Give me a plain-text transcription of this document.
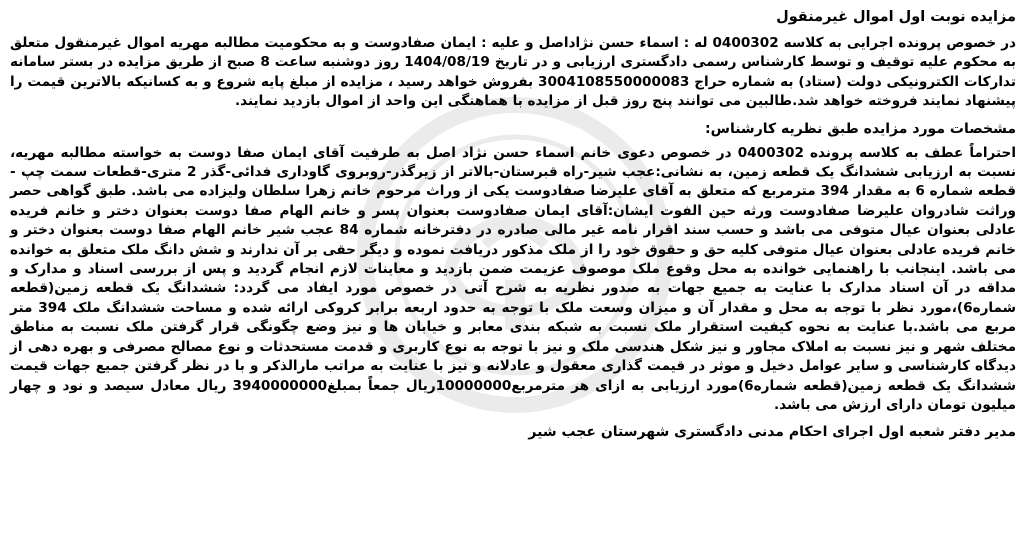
مزایده نوبت اول اموال غیرمنقول

در خصوص پرونده اجرایی به کلاسه 0400302 له : اسماء حسن نژاداصل و علیه : ایمان صفادوست و به محکومیت مطالبه مهریه اموال غیرمنقول متعلق به محکوم علیه توقیف و توسط کارشناس رسمی دادگستری ارزیابی و در تاریخ 1404/08/19 روز دوشنبه ساعت 8 صبح از طریق مزایده در بستر سامانه تدارکات الکترونیکی دولت (ستاد) به شماره حراج 3004108550000083 بفروش خواهد رسید ، مزایده از مبلغ پایه شروع و به کسانیکه بالاترین قیمت را پیشنهاد نمایند فروخته خواهد شد.طالبین می توانند پنج روز قبل از مزایده با هماهنگی این واحد از اموال بازدید نمایند.

مشخصات مورد مزایده طبق نظریه کارشناس:

احتراماً عطف به کلاسه پرونده 0400302 در خصوص دعوی خانم اسماء حسن نژاد اصل به طرفیت آقای ایمان صفا دوست به خواسته مطالبه مهریه، نسبت به ارزیابی ششدانگ یک قطعه زمین، به نشانی:عجب شیر-راه قبرستان-بالاتر از زیرگذر-روبروی گاوداری فدائی-گذر 2 متری-قطعات سمت چپ - قطعه شماره 6 به مقدار 394 مترمربع که متعلق به آقای علیرضا صفادوست یکی از وراث مرحوم خانم زهرا سلطان ولیزاده می باشد. طبق گواهی حصر وراثت شادروان علیرضا صفادوست ورثه حین الفوت ایشان:آقای ایمان صفادوست بعنوان پسر و خانم الهام صفا دوست بعنوان دختر و خانم فریده عادلی بعنوان عیال متوفی می باشد و حسب سند اقرار نامه غیر مالی صادره در دفترخانه شماره 84 عجب شیر خانم الهام صفا دوست بعنوان دختر و خانم فریده عادلی بعنوان عیال متوفی کلیه حق و حقوق خود را از ملک مذکور دریافت نموده و دیگر حقی بر آن ندارند و شش دانگ ملک متعلق به خوانده می باشد. اینجانب با راهنمایی خوانده به محل وقوع ملک موصوف عزیمت ضمن بازدید و معاینات لازم انجام گردید و پس از بررسی اسناد و مدارک و مداقه در آن اسناد مدارک با عنایت به جمیع جهات به صدور نظریه به شرح آتی در خصوص مورد ایفاد می گردد: ششدانگ یک قطعه زمین(قطعه شماره6)،مورد نظر با توجه به محل و مقدار آن و میزان وسعت ملک با توجه به حدود اربعه برابر کروکی ارائه شده و مساحت ششدانگ ملک 394 متر مربع می باشد.با عنایت به نحوه کیفیت استقرار ملک نسبت به شبکه بندی معابر و خیابان ها و نیز وضع چگونگی قرار گرفتن ملک نسبت به مناطق مختلف شهر و نیز نسبت به املاک مجاور و نیز شکل هندسی ملک و نیز با توجه به نوع کاربری و قدمت مستحدثات و نوع مصالح مصرفی و بهره دهی از دیدگاه کارشناسی و سایر عوامل دخیل و موثر در قیمت گذاری معقول و عادلانه و نیز با عنایت به مراتب مارالذکر و با در نظر گرفتن جمیع جهات قیمت ششدانگ یک قطعه زمین(قطعه شماره6)مورد ارزیابی به ازای هر مترمربع10000000ریال جمعاً بمبلغ3940000000 ریال معادل سیصد و نود و چهار میلیون تومان دارای ارزش می باشد.

مدیر دفتر شعبه اول اجرای احکام مدنی دادگستری شهرستان عجب شیر
